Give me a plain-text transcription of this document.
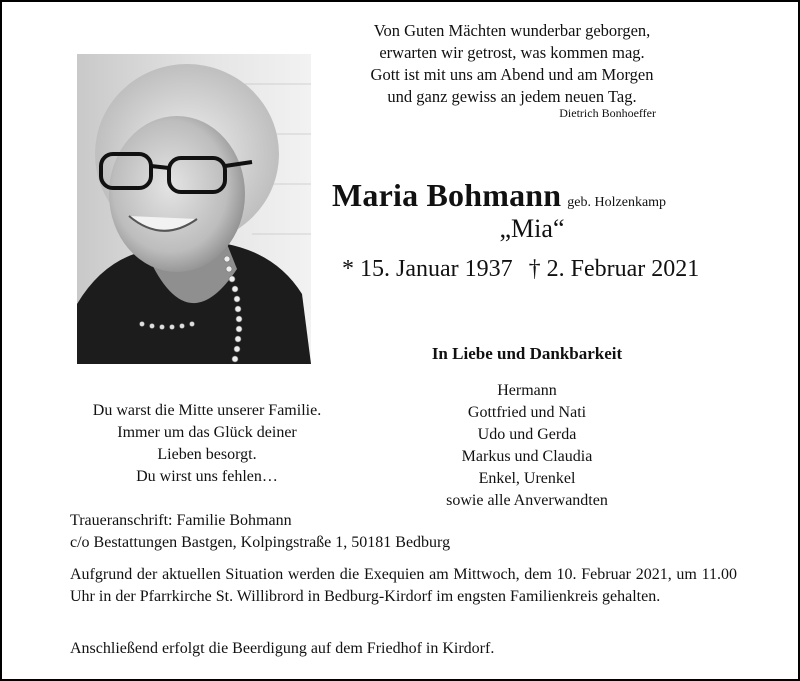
Von Guten Mächten wunderbar geborgen,
erwarten wir getrost, was kommen mag.
Gott ist mit uns am Abend und am Morgen
und ganz gewiss an jedem neuen Tag.
Dietrich Bonhoeffer
Maria Bohmann geb. Holzenkamp
„Mia“
* 15. Januar 1937 † 2. Februar 2021
In Liebe und Dankbarkeit
Hermann
Gottfried und Nati
Udo und Gerda
Markus und Claudia
Enkel, Urenkel
sowie alle Anverwandten
Du warst die Mitte unserer Familie.
Immer um das Glück deiner
Lieben besorgt.
Du wirst uns fehlen…
Traueranschrift: Familie Bohmann
c/o Bestattungen Bastgen, Kolpingstraße 1, 50181 Bedburg
Aufgrund der aktuellen Situation werden die Exequien am Mittwoch, dem 10. Februar 2021, um 11.00 Uhr in der Pfarrkirche St. Willibrord in Bedburg-Kirdorf im engsten Familienkreis gehalten.
Anschließend erfolgt die Beerdigung auf dem Friedhof in Kirdorf.
